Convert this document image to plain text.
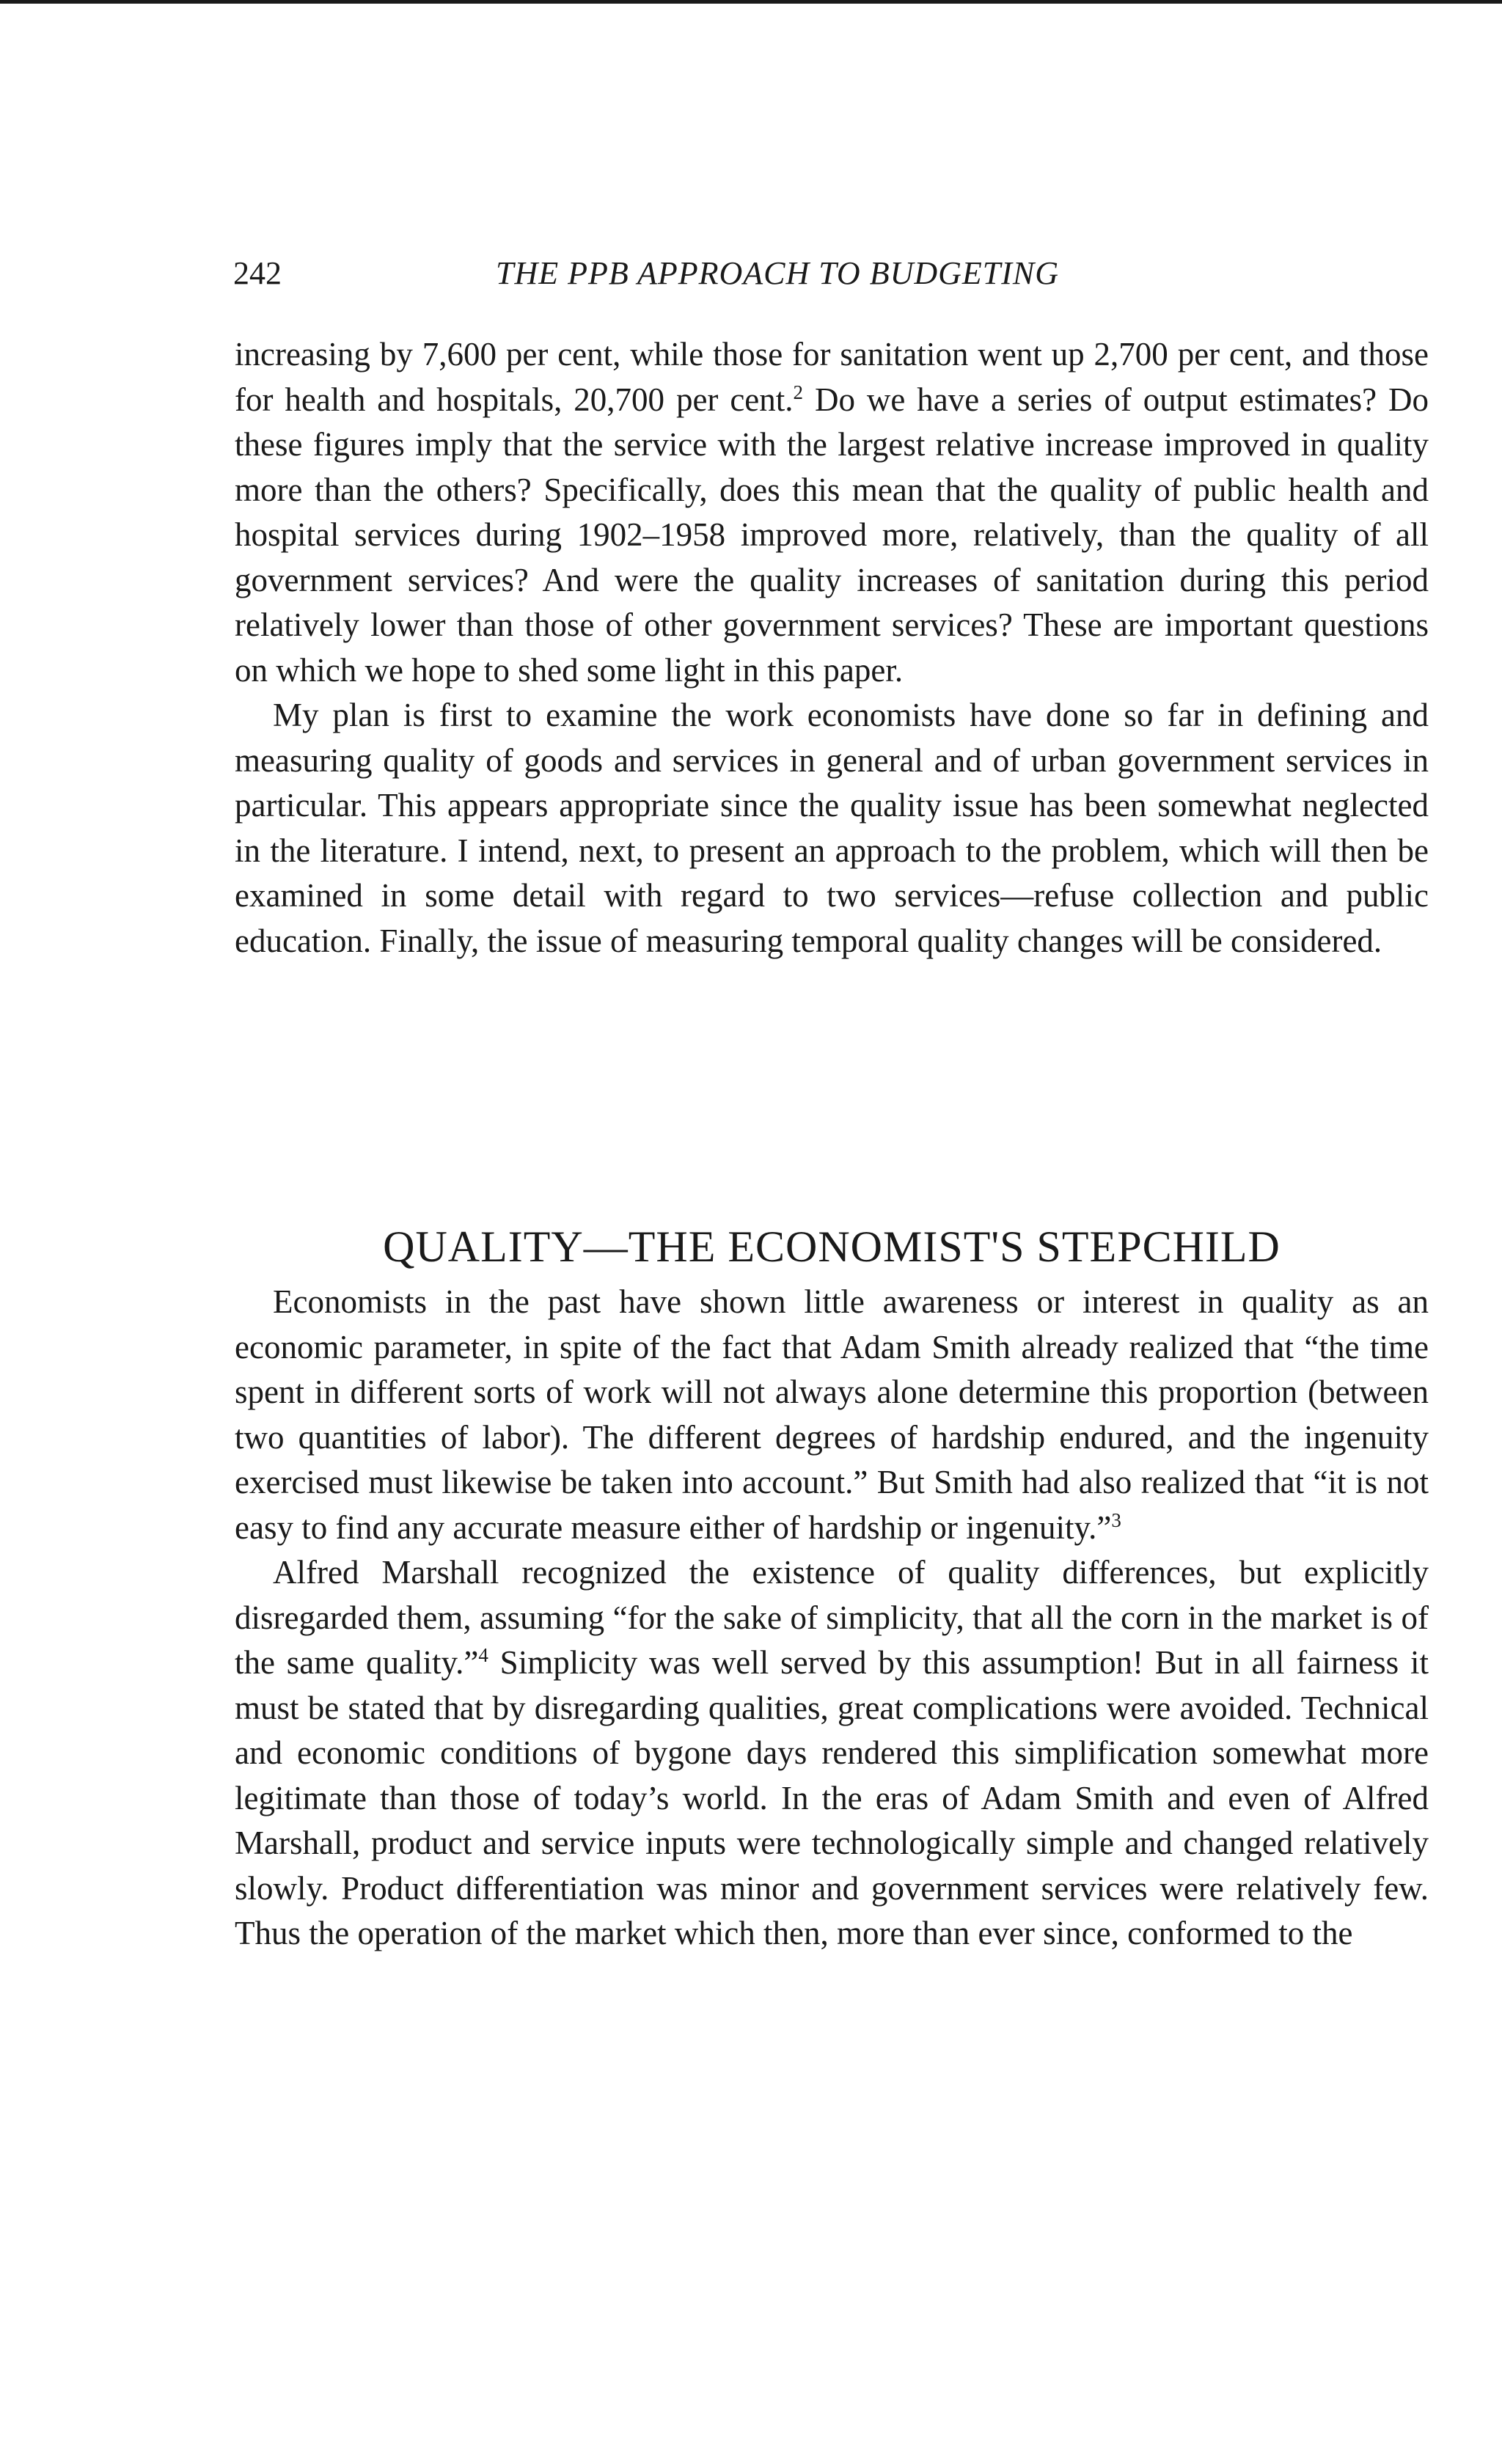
242	THE PPB APPROACH TO BUDGETING

increasing by 7,600 per cent, while those for sanitation went up 2,700 per cent, and those for health and hospitals, 20,700 per cent.$^2$ Do we have a series of output estimates? Do these figures imply that the service with the largest relative increase improved in quality more than the others? Specifically, does this mean that the quality of public health and hospital services during 1902–1958 improved more, relatively, than the quality of all government services? And were the quality increases of sanitation during this period relatively lower than those of other government services? These are important questions on which we hope to shed some light in this paper.

My plan is first to examine the work economists have done so far in defining and measuring quality of goods and services in general and of urban government services in particular. This appears appropriate since the quality issue has been somewhat neglected in the literature. I intend, next, to present an approach to the problem, which will then be examined in some detail with regard to two services—refuse collection and public education. Finally, the issue of measuring temporal quality changes will be considered.

QUALITY—THE ECONOMIST'S STEPCHILD

Economists in the past have shown little awareness or interest in quality as an economic parameter, in spite of the fact that Adam Smith already realized that “the time spent in different sorts of work will not always alone determine this proportion (between two quantities of labor). The different degrees of hardship endured, and the ingenuity exercised must likewise be taken into account.” But Smith had also realized that “it is not easy to find any accurate measure either of hardship or ingenuity.”$^3$

Alfred Marshall recognized the existence of quality differences, but explicitly disregarded them, assuming “for the sake of simplicity, that all the corn in the market is of the same quality.”$^4$ Simplicity was well served by this assumption! But in all fairness it must be stated that by disregarding qualities, great complications were avoided. Technical and economic conditions of bygone days rendered this simplification somewhat more legitimate than those of today’s world. In the eras of Adam Smith and even of Alfred Marshall, product and service inputs were technologically simple and changed relatively slowly. Product differentiation was minor and government services were relatively few. Thus the operation of the market which then, more than ever since, conformed to the
